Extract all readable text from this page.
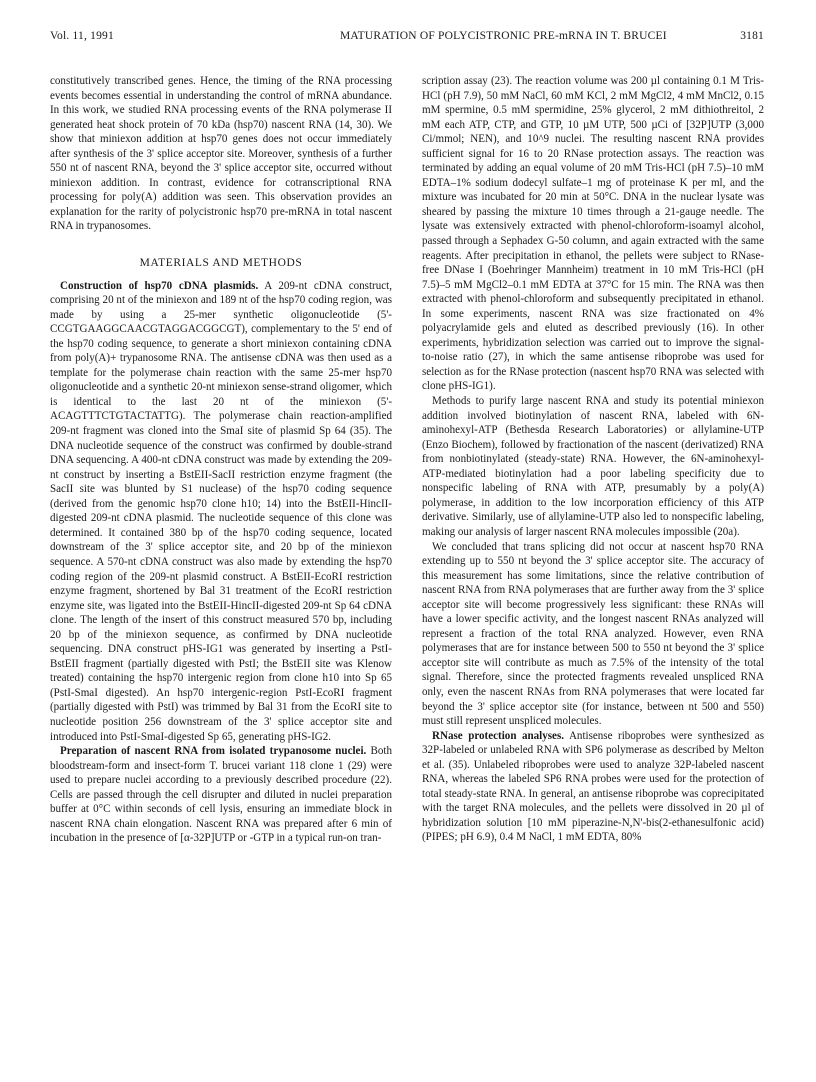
Vol. 11, 1991	MATURATION OF POLYCISTRONIC PRE-mRNA IN T. BRUCEI	3181

constitutively transcribed genes. Hence, the timing of the RNA processing events becomes essential in understanding the control of mRNA abundance. In this work, we studied RNA processing events of the RNA polymerase II generated heat shock protein of 70 kDa (hsp70) nascent RNA (14, 30). We show that miniexon addition at hsp70 genes does not occur immediately after synthesis of the 3' splice acceptor site. Moreover, synthesis of a further 550 nt of nascent RNA, beyond the 3' splice acceptor site, occurred without miniexon addition. In contrast, evidence for cotranscriptional RNA processing for poly(A) addition was seen. This observation provides an explanation for the rarity of polycistronic hsp70 pre-mRNA in total nascent RNA in trypanosomes.

MATERIALS AND METHODS

Construction of hsp70 cDNA plasmids. A 209-nt cDNA construct, comprising 20 nt of the miniexon and 189 nt of the hsp70 coding region, was made by using a 25-mer synthetic oligonucleotide (5'-CCGTGAAGGCAACGTAGGACGGCGT), complementary to the 5' end of the hsp70 coding sequence, to generate a short miniexon containing cDNA from poly(A)+ trypanosome RNA. The antisense cDNA was then used as a template for the polymerase chain reaction with the same 25-mer hsp70 oligonucleotide and a synthetic 20-nt miniexon sense-strand oligomer, which is identical to the last 20 nt of the miniexon (5'-ACAGTTTCTGTACTATTG). The polymerase chain reaction-amplified 209-nt fragment was cloned into the SmaI site of plasmid Sp 64 (35). The DNA nucleotide sequence of the construct was confirmed by double-strand DNA sequencing. A 400-nt cDNA construct was made by extending the 209-nt construct by inserting a BstEII-SacII restriction enzyme fragment (the SacII site was blunted by S1 nuclease) of the hsp70 coding sequence (derived from the genomic hsp70 clone h10; 14) into the BstEII-HincII-digested 209-nt cDNA plasmid. The nucleotide sequence of this clone was determined. It contained 380 bp of the hsp70 coding sequence, located downstream of the 3' splice acceptor site, and 20 bp of the miniexon sequence. A 570-nt cDNA construct was also made by extending the hsp70 coding region of the 209-nt plasmid construct. A BstEII-EcoRI restriction enzyme fragment, shortened by Bal 31 treatment of the EcoRI restriction enzyme site, was ligated into the BstEII-HincII-digested 209-nt Sp 64 cDNA clone. The length of the insert of this construct measured 570 bp, including 20 bp of the miniexon sequence, as confirmed by DNA nucleotide sequencing. DNA construct pHS-IG1 was generated by inserting a PstI-BstEII fragment (partially digested with PstI; the BstEII site was Klenow treated) containing the hsp70 intergenic region from clone h10 into Sp 65 (PstI-SmaI digested). An hsp70 intergenic-region PstI-EcoRI fragment (partially digested with PstI) was trimmed by Bal 31 from the EcoRI site to nucleotide position 256 downstream of the 3' splice acceptor site and introduced into PstI-SmaI-digested Sp 65, generating pHS-IG2.

Preparation of nascent RNA from isolated trypanosome nuclei. Both bloodstream-form and insect-form T. brucei variant 118 clone 1 (29) were used to prepare nuclei according to a previously described procedure (22). Cells are passed through the cell disrupter and diluted in nuclei preparation buffer at 0°C within seconds of cell lysis, ensuring an immediate block in nascent RNA chain elongation. Nascent RNA was prepared after 6 min of incubation in the presence of [α-32P]UTP or -GTP in a typical run-on tran-

scription assay (23). The reaction volume was 200 µl containing 0.1 M Tris-HCl (pH 7.9), 50 mM NaCl, 60 mM KCl, 2 mM MgCl2, 4 mM MnCl2, 0.15 mM spermine, 0.5 mM spermidine, 25% glycerol, 2 mM dithiothreitol, 2 mM each ATP, CTP, and GTP, 10 µM UTP, 500 µCi of [32P]UTP (3,000 Ci/mmol; NEN), and 10^9 nuclei. The resulting nascent RNA provides sufficient signal for 16 to 20 RNase protection assays. The reaction was terminated by adding an equal volume of 20 mM Tris-HCl (pH 7.5)–10 mM EDTA–1% sodium dodecyl sulfate–1 mg of proteinase K per ml, and the mixture was incubated for 20 min at 50°C. DNA in the nuclear lysate was sheared by passing the mixture 10 times through a 21-gauge needle. The lysate was extensively extracted with phenol-chloroform-isoamyl alcohol, passed through a Sephadex G-50 column, and again extracted with the same reagents. After precipitation in ethanol, the pellets were subject to RNase-free DNase I (Boehringer Mannheim) treatment in 10 mM Tris-HCl (pH 7.5)–5 mM MgCl2–0.1 mM EDTA at 37°C for 15 min. The RNA was then extracted with phenol-chloroform and subsequently precipitated in ethanol. In some experiments, nascent RNA was size fractionated on 4% polyacrylamide gels and eluted as described previously (16). In other experiments, hybridization selection was carried out to improve the signal-to-noise ratio (27), in which the same antisense riboprobe was used for selection as for the RNase protection (nascent hsp70 RNA was selected with clone pHS-IG1).

Methods to purify large nascent RNA and study its potential miniexon addition involved biotinylation of nascent RNA, labeled with 6N-aminohexyl-ATP (Bethesda Research Laboratories) or allylamine-UTP (Enzo Biochem), followed by fractionation of the nascent (derivatized) RNA from nonbiotinylated (steady-state) RNA. However, the 6N-aminohexyl-ATP-mediated biotinylation had a poor labeling specificity due to nonspecific labeling of RNA with ATP, presumably by a poly(A) polymerase, in addition to the low incorporation efficiency of this ATP derivative. Similarly, use of allylamine-UTP also led to nonspecific labeling, making our analysis of larger nascent RNA molecules impossible (20a).

We concluded that trans splicing did not occur at nascent hsp70 RNA extending up to 550 nt beyond the 3' splice acceptor site. The accuracy of this measurement has some limitations, since the relative contribution of nascent RNA from RNA polymerases that are further away from the 3' splice acceptor site will become progressively less significant: these RNAs will have a lower specific activity, and the longest nascent RNAs analyzed will represent a fraction of the total RNA analyzed. However, even RNA polymerases that are for instance between 500 to 550 nt beyond the 3' splice acceptor site will contribute as much as 7.5% of the intensity of the total signal. Therefore, since the protected fragments revealed unspliced RNA only, even the nascent RNAs from RNA polymerases that were located far beyond the 3' splice acceptor site (for instance, between nt 500 and 550) must still represent unspliced molecules.

RNase protection analyses. Antisense riboprobes were synthesized as 32P-labeled or unlabeled RNA with SP6 polymerase as described by Melton et al. (35). Unlabeled riboprobes were used to analyze 32P-labeled nascent RNA, whereas the labeled SP6 RNA probes were used for the protection of total steady-state RNA. In general, an antisense riboprobe was coprecipitated with the target RNA molecules, and the pellets were dissolved in 20 µl of hybridization solution [10 mM piperazine-N,N'-bis(2-ethanesulfonic acid) (PIPES; pH 6.9), 0.4 M NaCl, 1 mM EDTA, 80%
